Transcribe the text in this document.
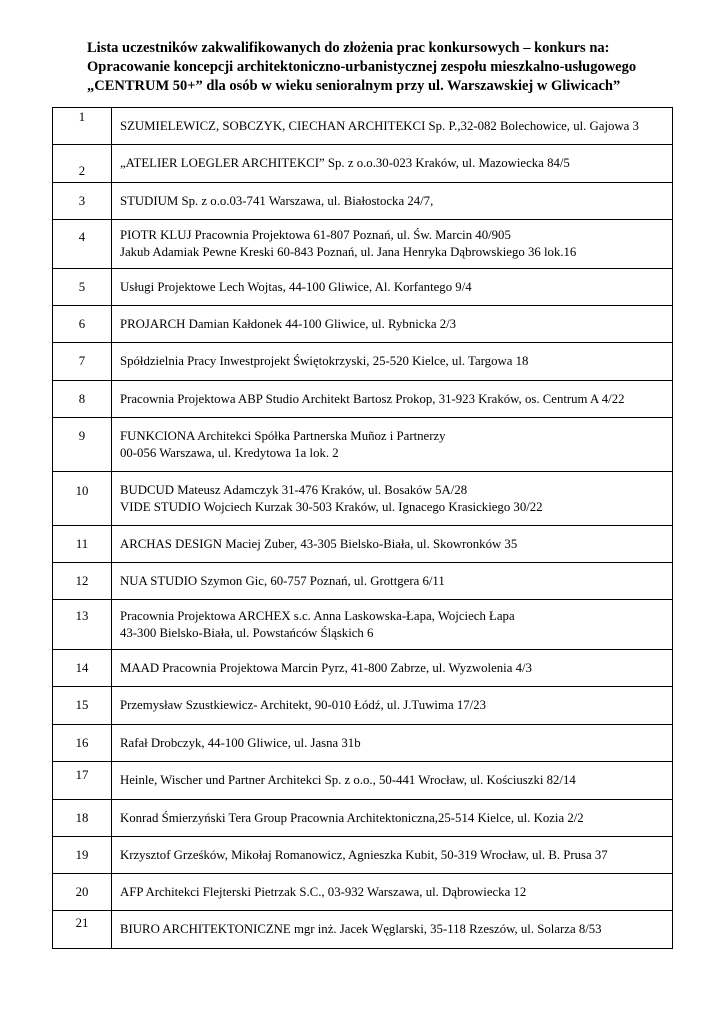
Lista uczestników zakwalifikowanych do złożenia prac konkursowych – konkurs na:
Opracowanie koncepcji architektoniczno-urbanistycznej zespołu mieszkalno-usługowego
„CENTRUM 50+” dla osób w wieku senioralnym przy ul. Warszawskiej w Gliwicach”
1	SZUMIELEWICZ, SOBCZYK, CIECHAN ARCHITEKCI Sp. P.,32-082 Bolechowice, ul. Gajowa 3

2	„ATELIER LOEGLER ARCHITEKCI” Sp. z o.o.30-023 Kraków, ul. Mazowiecka 84/5

3	STUDIUM Sp. z o.o.03-741 Warszawa, ul. Białostocka 24/7,

4	PIOTR KLUJ Pracownia Projektowa 61-807 Poznań, ul. Św. Marcin 40/905
Jakub Adamiak Pewne Kreski 60-843 Poznań, ul. Jana Henryka Dąbrowskiego 36 lok.16

5	Usługi Projektowe Lech Wojtas, 44-100 Gliwice, Al. Korfantego 9/4

6	PROJARCH Damian Kałdonek 44-100 Gliwice, ul. Rybnicka 2/3

7	Spółdzielnia Pracy Inwestprojekt Świętokrzyski, 25-520 Kielce, ul. Targowa 18

8	Pracownia Projektowa ABP Studio Architekt Bartosz Prokop, 31-923 Kraków, os. Centrum A 4/22

9	FUNKCIONA Architekci Spółka Partnerska Muñoz i Partnerzy
00-056 Warszawa, ul. Kredytowa 1a lok. 2

10	BUDCUD Mateusz Adamczyk 31-476 Kraków, ul. Bosaków 5A/28
VIDE STUDIO Wojciech Kurzak 30-503 Kraków, ul. Ignacego Krasickiego 30/22

11	ARCHAS DESIGN Maciej Zuber, 43-305 Bielsko-Biała, ul. Skowronków 35

12	NUA STUDIO Szymon Gic, 60-757 Poznań, ul. Grottgera 6/11

13	Pracownia Projektowa ARCHEX s.c. Anna Laskowska-Łapa, Wojciech Łapa
43-300 Bielsko-Biała, ul. Powstańców Śląskich 6

14	MAAD Pracownia Projektowa Marcin Pyrz, 41-800 Zabrze, ul. Wyzwolenia 4/3

15	Przemysław Szustkiewicz- Architekt, 90-010 Łódź, ul. J.Tuwima 17/23

16	Rafał Drobczyk, 44-100 Gliwice, ul. Jasna 31b

17	Heinle, Wischer und Partner Architekci Sp. z o.o., 50-441 Wrocław, ul. Kościuszki 82/14

18	Konrad Śmierzyński Tera Group Pracownia Architektoniczna,25-514 Kielce, ul. Kozia 2/2

19	Krzysztof Grześków, Mikołaj Romanowicz, Agnieszka Kubit, 50-319 Wrocław, ul. B. Prusa 37

20	AFP Architekci Flejterski Pietrzak S.C., 03-932 Warszawa, ul. Dąbrowiecka 12

21	BIURO ARCHITEKTONICZNE mgr inż. Jacek Węglarski, 35-118 Rzeszów, ul. Solarza 8/53
